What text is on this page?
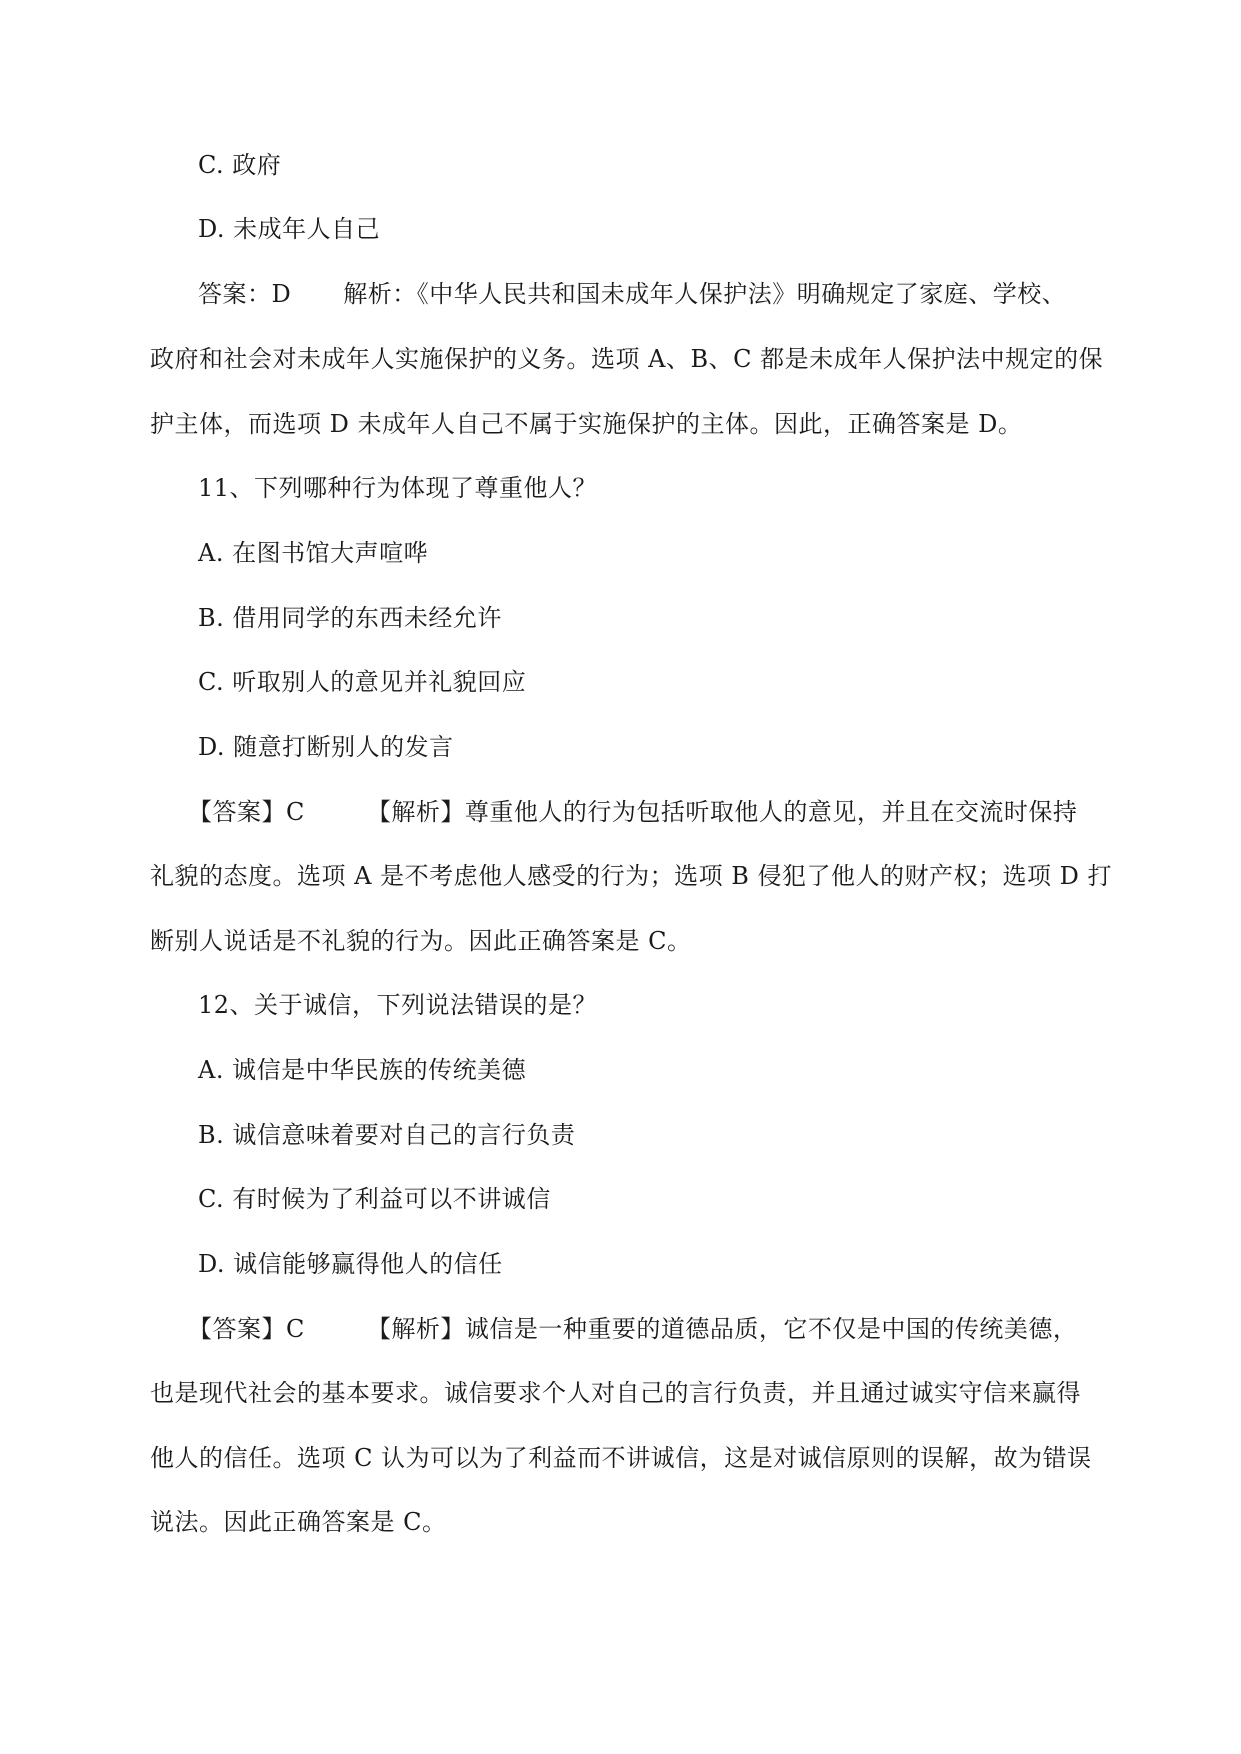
C. 政府
D. 未成年人自己
答案：D 解析：《中华人民共和国未成年人保护法》明确规定了家庭、学校、
政府和社会对未成年人实施保护的义务。选项 A、B、C 都是未成年人保护法中规定的保
护主体，而选项 D 未成年人自己不属于实施保护的主体。因此，正确答案是 D。
11、下列哪种行为体现了尊重他人？
A. 在图书馆大声喧哗
B. 借用同学的东西未经允许
C. 听取别人的意见并礼貌回应
D. 随意打断别人的发言
【答案】C	【解析】尊重他人的行为包括听取他人的意见，并且在交流时保持
礼貌的态度。选项 A 是不考虑他人感受的行为；选项 B 侵犯了他人的财产权；选项 D 打
断别人说话是不礼貌的行为。因此正确答案是 C。
12、关于诚信，下列说法错误的是？
A. 诚信是中华民族的传统美德
B. 诚信意味着要对自己的言行负责
C. 有时候为了利益可以不讲诚信
D. 诚信能够赢得他人的信任
【答案】C	【解析】诚信是一种重要的道德品质，它不仅是中国的传统美德，
也是现代社会的基本要求。诚信要求个人对自己的言行负责，并且通过诚实守信来赢得
他人的信任。选项 C 认为可以为了利益而不讲诚信，这是对诚信原则的误解，故为错误
说法。因此正确答案是 C。
